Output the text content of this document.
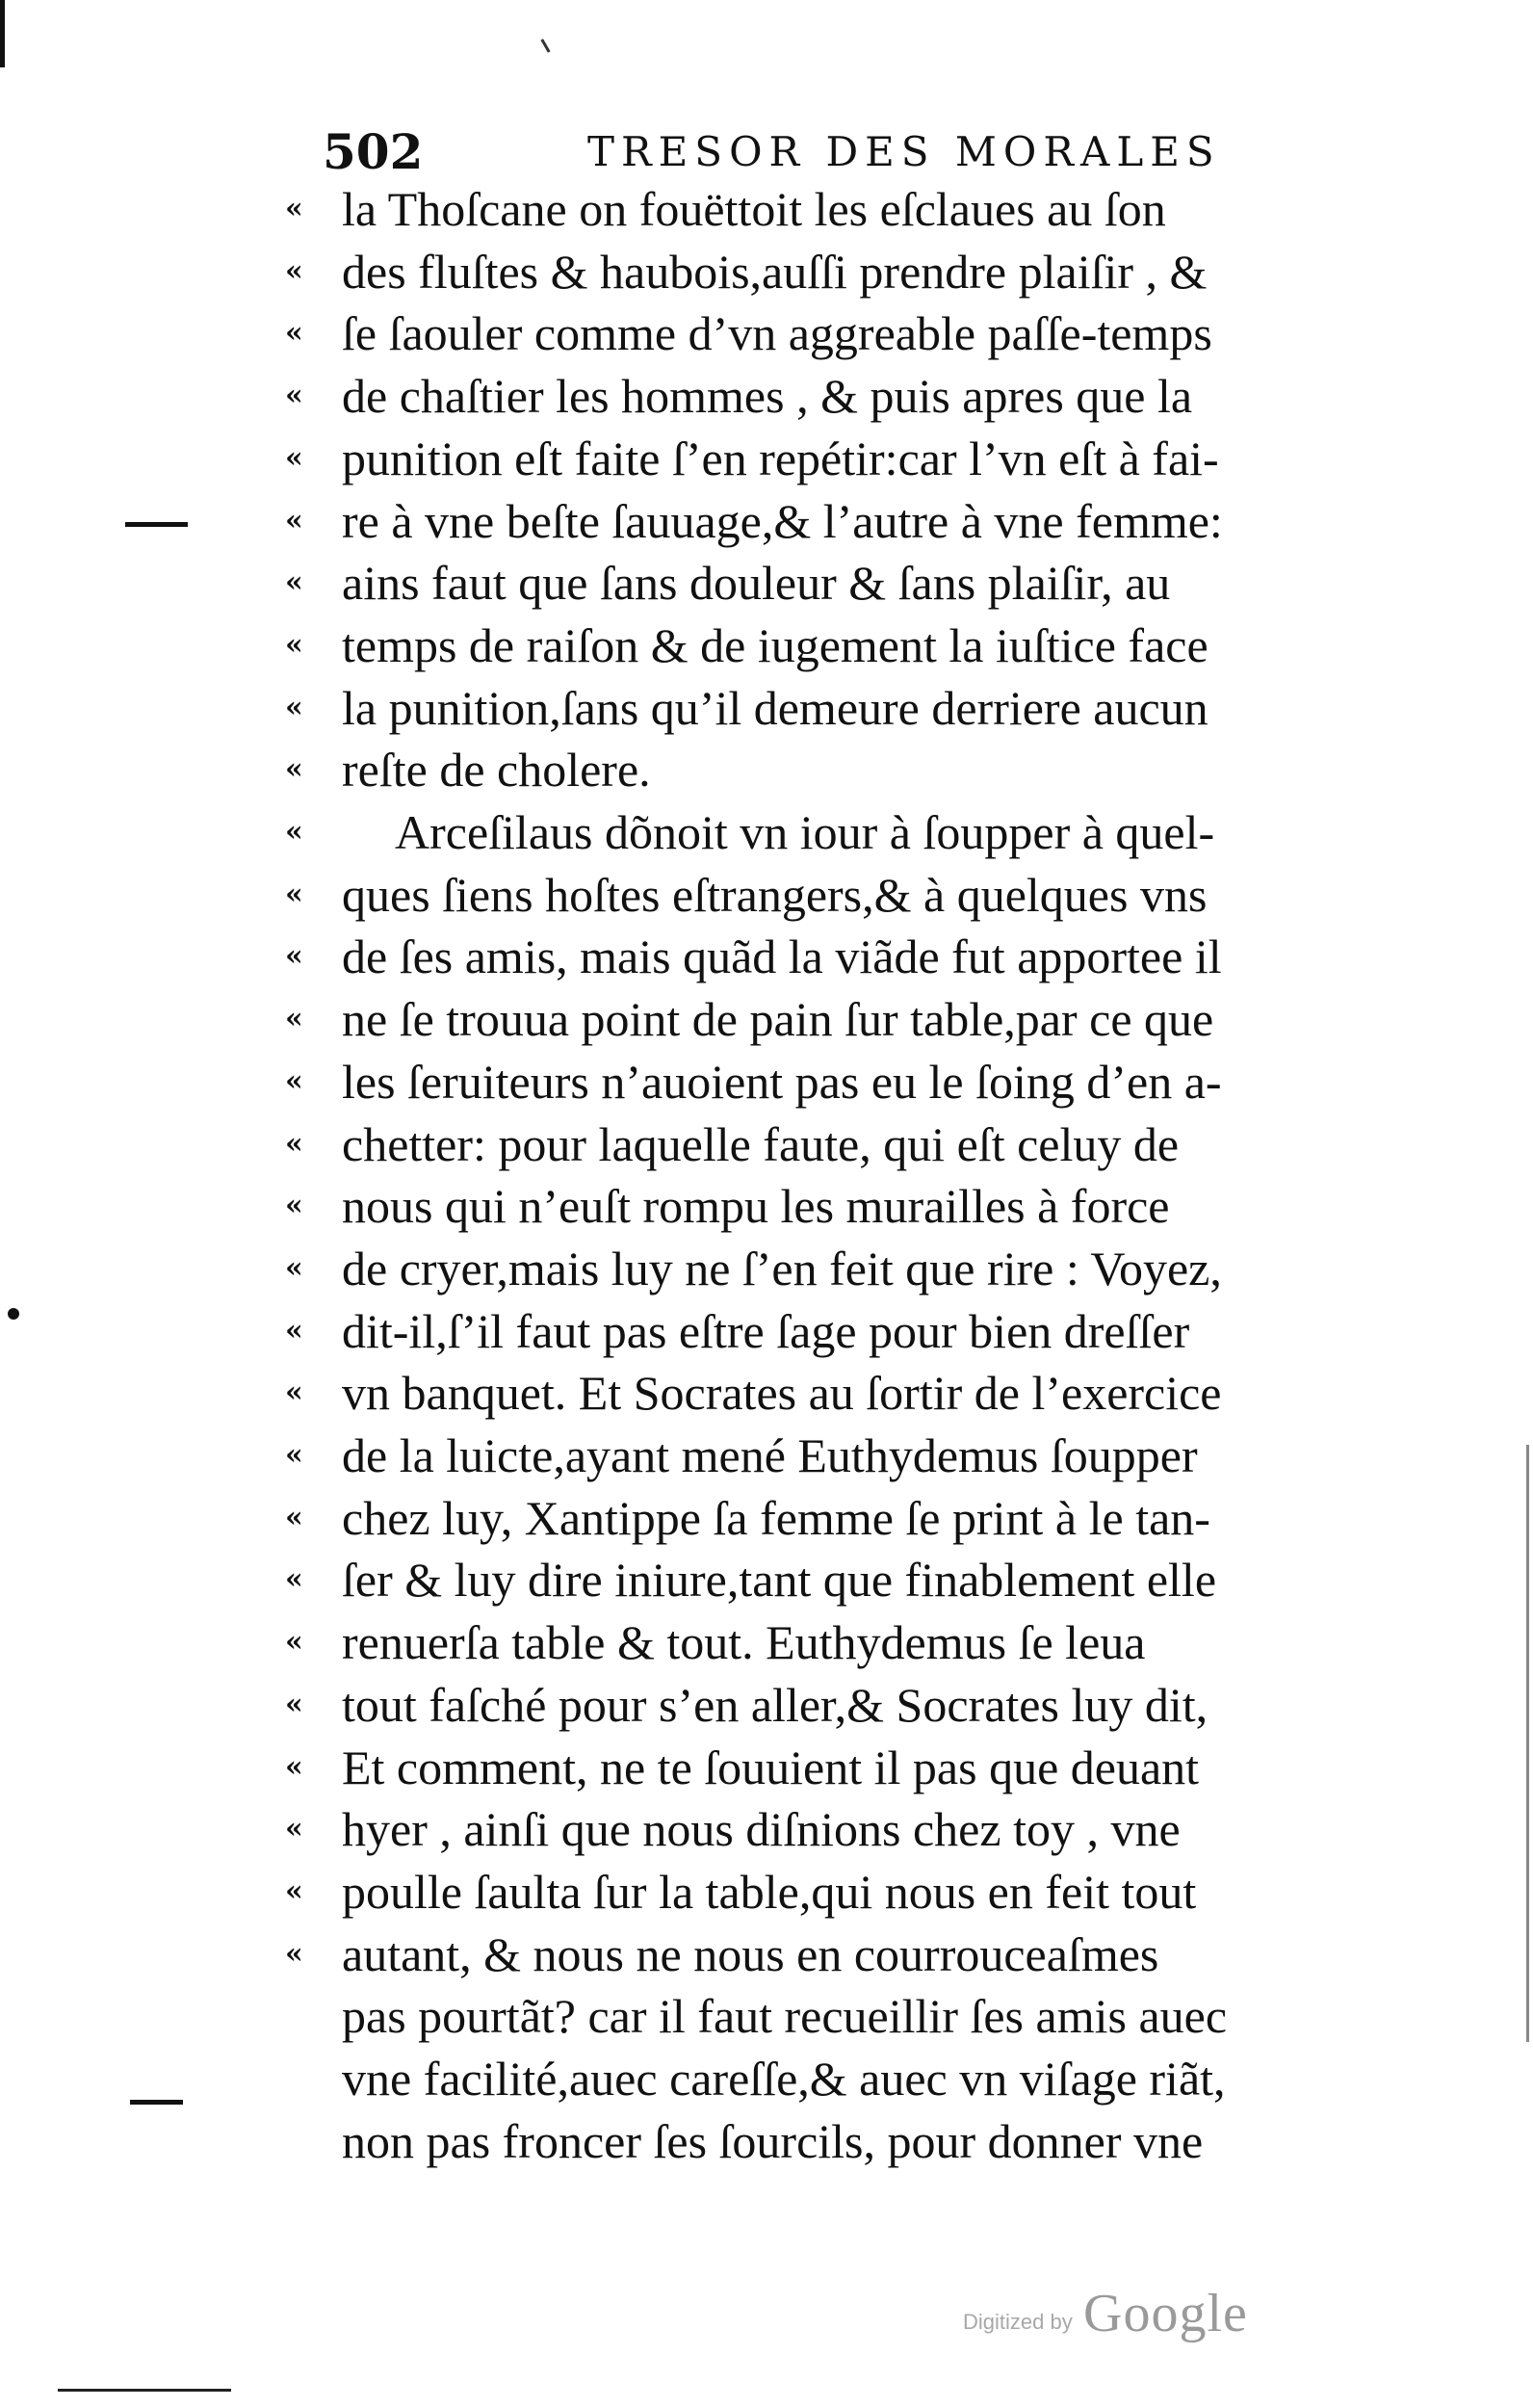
502	TRESOR DES MORALES
« la Thoſcane on fouëttoit les eſclaues au ſon
« des fluſtes & haubois,auſſi prendre plaiſir , &
« ſe ſaouler comme d’vn aggreable paſſe-temps
« de chaſtier les hommes , & puis apres que la
« punition eſt faite ſ’en repétir:car l’vn eſt à fai-
« re à vne beſte ſauuage,& l’autre à vne femme:
« ains faut que ſans douleur & ſans plaiſir, au
« temps de raiſon & de iugement la iuſtice face
« la punition,ſans qu’il demeure derriere aucun
« reſte de cholere.
« Arceſilaus dõnoit vn iour à ſoupper à quel-
« ques ſiens hoſtes eſtrangers,& à quelques vns
« de ſes amis, mais quãd la viãde fut apportee il
« ne ſe trouua point de pain ſur table,par ce que
« les ſeruiteurs n’auoient pas eu le ſoing d’en a-
« chetter: pour laquelle faute, qui eſt celuy de
« nous qui n’euſt rompu les murailles à force
« de cryer,mais luy ne ſ’en feit que rire : Voyez,
« dit-il,ſ’il faut pas eſtre ſage pour bien dreſſer
« vn banquet. Et Socrates au ſortir de l’exercice
« de la luicte,ayant mené Euthydemus ſoupper
« chez luy, Xantippe ſa femme ſe print à le tan-
« ſer & luy dire iniure,tant que finablement elle
« renuerſa table & tout. Euthydemus ſe leua
« tout faſché pour s’en aller,& Socrates luy dit,
« Et comment, ne te ſouuient il pas que deuant
« hyer , ainſi que nous diſnions chez toy , vne
« poulle ſaulta ſur la table,qui nous en feit tout
« autant, & nous ne nous en courrouceaſmes
pas pourtãt? car il faut recueillir ſes amis auec
vne facilité,auec careſſe,& auec vn viſage riãt,
non pas froncer ſes ſourcils, pour donner vne
Digitized by Google
